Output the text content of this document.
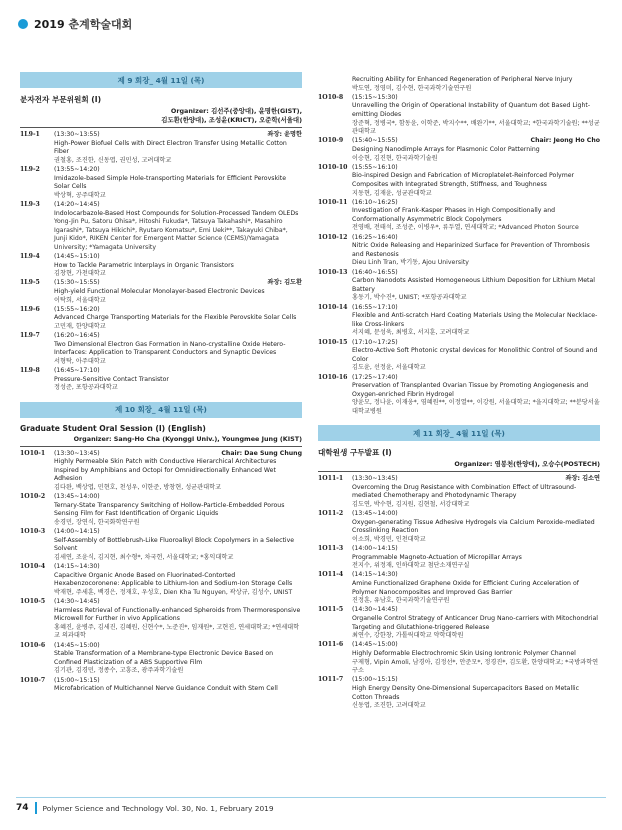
2019 춘계학술대회
제 9 회장_ 4월 11일 (목)
분자전자 부문위원회 (I)
Organizer: 김선주(중앙대), 윤명한(GIST),
김도환(한양대), 조성윤(KRICT), 오준학(서울대)
1L9-1	(13:30~13:55)	좌장: 윤명한
High-Power Biofuel Cells with Direct Electron Transfer Using Metallic Cotton Fiber
권철홍, 조진한, 신동엽, 권민성, 고려대학교
1L9-2	(13:55~14:20)
Imidazole-based Simple Hole-transporting Materials for Efficient Perovskite Solar Cells
박상혁, 공주대학교
1L9-3	(14:20~14:45)
Indolocarbazole-Based Host Compounds for Solution-Processed Tandem OLEDs
Yong-Jin Pu, Satoru Ohisa*, Hitoshi Fukuda*, Tatsuya Takahashi*, Masahiro Igarashi*, Tatsuya Hikichi*, Ryutaro Komatsu*, Emi Ueki**, Takayuki Chiba*, Junji Kido*, RIKEN Center for Emergent Matter Science (CEMS)/Yamagata University; *Yamagata University
1L9-4	(14:45~15:10)
How to Tackle Parametric Interplays in Organic Transistors
김창현, 가천대학교
1L9-5	(15:30~15:55)	좌장: 김도환
High-yield Functional Molecular Monolayer-based Electronic Devices
이탁희, 서울대학교
1L9-6	(15:55~16:20)
Advanced Charge Transporting Materials for the Flexible Perovskite Solar Cells
고민재, 한양대학교
1L9-7	(16:20~16:45)
Two Dimensional Electron Gas Formation in Nano-crystalline Oxide Hetero-Interfaces: Application to Transparent Conductors and Synaptic Devices
서형탁, 아주대학교
1L9-8	(16:45~17:10)
Pressure-Sensitive Contact Transistor
정성준, 포항공과대학교
제 10 회장_ 4월 11일 (목)
Graduate Student Oral Session (I) (English)
Organizer: Sang-Ho Cha (Kyonggi Univ.), Youngmee Jung (KIST)
1O10-1	(13:30~13:45)	Chair: Dae Sung Chung
Highly Permeable Skin Patch with Conductive Hierarchical Architectures Inspired by Amphibians and Octopi for Omnidirectionally Enhanced Wet Adhesion
김다완, 백상엽, 민현호, 천성우, 이한준, 방창현, 성균관대학교
1O10-2	(13:45~14:00)
Ternary-State Transparency Switching of Hollow-Particle-Embedded Porous Sensing Film for Fast Identification of Organic Liquids
송경민, 장연식, 한국화학연구원
1O10-3	(14:00~14:15)
Self-Assembly of Bottlebrush-Like Fluoroalkyl Block Copolymers in a Selective Solvent
김세연, 조윤식, 김지현, 최수형*, 차국헌, 서울대학교; *홍익대학교
1O10-4	(14:15~14:30)
Capacitive Organic Anode Based on Fluorinated-Contorted Hexabenzocoronene: Applicable to Lithium-Ion and Sodium-Ion Storage Cells
박재현, 주세훈, 백경은, 정재호, 우성호, Dien Kha Tu Nguyen, 곽상규, 김성수, UNIST
1O10-5	(14:30~14:45)
Harmless Retrieval of Functionally-enhanced Spheroids from Thermoresponsive Microwell for Further in vivo Applications
홍혜진, 윤병주, 김세진, 김혜원, 신현수*, 노준진*, 임재원*, 고현진, 연세대학교; *연세대학교 의과대학
1O10-6	(14:45~15:00)
Stable Transformation of a Membrane-type Electronic Device Based on Confined Plasticization of a ABS Supportive Film
김기관, 김경민, 정종수, 고흥조, 광주과학기술원
1O10-7	(15:00~15:15)
Microfabrication of Multichannel Nerve Guidance Conduit with Stem Cell
Recruiting Ability for Enhanced Regeneration of Peripheral Nerve Injury
박도연, 정영미, 김수현, 한국과학기술연구원
1O10-8	(15:15~15:30)
Unravelling the Origin of Operational Instability of Quantum dot Based Light-emitting Diodes
장준혁, 정병국*, 함동윤, 이학준, 박지수**, 배완기**, 서울대학교; *한국과학기술원; **성균관대학교
1O10-9	(15:40~15:55)	Chair: Jeong Ho Cho
Designing Nanodimple Arrays for Plasmonic Color Patterning
이승현, 김진현, 한국과학기술원
1O10-10 (15:55~16:10)
Bio-inspired Design and Fabrication of Microplatelet-Reinforced Polymer Composites with Integrated Strength, Stiffness, and Toughness
지동현, 김재윤, 성균관대학교
1O10-11 (16:10~16:25)
Investigation of Frank-Kasper Phases in High Compositionally and Conformationally Asymmetric Block Copolymers
전영배, 전태석, 조성준, 이병우*, 류두열, 연세대학교; *Advanced Photon Source
1O10-12 (16:25~16:40)
Nitric Oxide Releasing and Heparinized Surface for Prevention of Thrombosis and Restenosis
Dieu Linh Tran, 박기동, Ajou University
1O10-13 (16:40~16:55)
Carbon Nanodots Assisted Homogeneous Lithium Deposition for Lithium Metal Battery
홍동기, 박수진*, UNIST; *포항공과대학교
1O10-14 (16:55~17:10)
Flexible and Anti-scratch Hard Coating Materials Using the Molecular Necklace-like Cross-linkers
서지혜, 문성욱, 최병호, 서지훈, 고려대학교
1O10-15 (17:10~17:25)
Electro-Active Soft Photonic crystal devices for Monolithic Control of Sound and Color
김도윤, 선정윤, 서울대학교
1O10-16 (17:25~17:40)
Preservation of Transplanted Ovarian Tissue by Promoting Angiogenesis and Oxygen-enriched Fibrin Hydrogel
양윤모, 정나윤, 이재웅*, 염혜원**, 이정열**, 이강원, 서울대학교; *을지대학교; **분당서울대학교병원
제 11 회장_ 4월 11일 (목)
대학원생 구두발표 (I)
Organizer: 염봉천(한양대), 오승수(POSTECH)
1O11-1	(13:30~13:45)	좌장: 김소연
Overcoming the Drug Resistance with Combination Effect of Ultrasound-mediated Chemotherapy and Photodynamic Therapy
김도연, 박수현, 김지원, 김현철, 서강대학교
1O11-2	(13:45~14:00)
Oxygen-generating Tissue Adhesive Hydrogels via Calcium Peroxide-mediated Crosslinking Reaction
이소희, 박경민, 인천대학교
1O11-3	(14:00~14:15)
Programmable Magneto-Actuation of Micropillar Arrays
전지수, 위정재, 인하대학교 첨단소재연구실
1O11-4	(14:15~14:30)
Amine Functionalized Graphene Oxide for Efficient Curing Acceleration of Polymer Nanocomposites and Improved Gas Barrier
진정훈, 유남호, 한국과학기술연구원
1O11-5	(14:30~14:45)
Organelle Control Strategy of Anticancer Drug Nano-carriers with Mitochondrial Targeting and Glutathione-triggered Release
최연수, 강한창, 가톨릭대학교 약학대학원
1O11-6	(14:45~15:00)
Highly Deformable Electrochromic Skin Using Iontronic Polymer Channel
구제형, Vipin Amoli, 남경아, 김정선*, 안준모*, 정경진*, 김도환, 한양대학교; *국방과학연구소
1O11-7	(15:00~15:15)
High Energy Density One-Dimensional Supercapacitors Based on Metallic Cotton Threads
신동엽, 조진한, 고려대학교
74 Polymer Science and Technology Vol. 30, No. 1, February 2019
